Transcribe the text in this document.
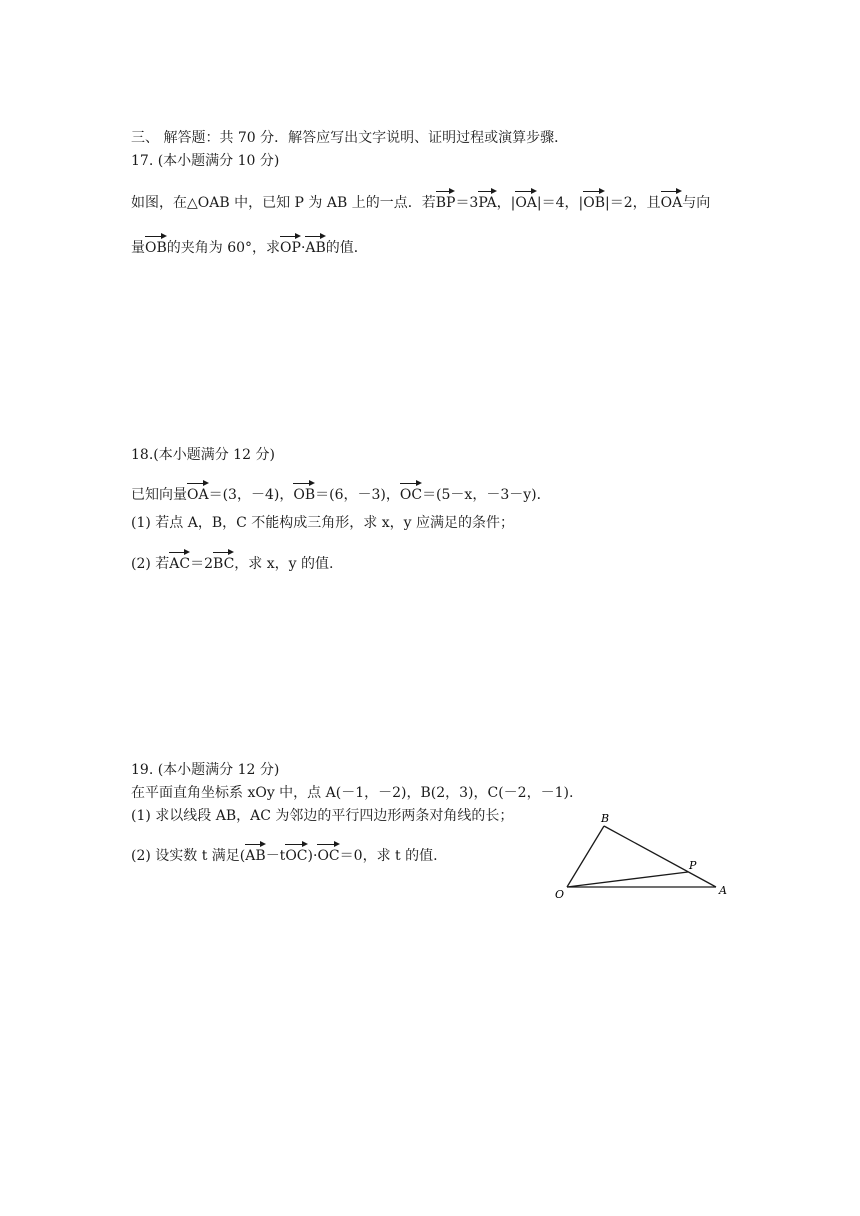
三、 解答题：共 70 分．解答应写出文字说明、证明过程或演算步骤．
17. (本小题满分 10 分)
如图，在△OAB 中，已知 P 为 AB 上的一点．若BP＝3PA，|OA|＝4，|OB|＝2，且OA与向
量OB的夹角为 60°，求OP·AB的值．
18.(本小题满分 12 分)
已知向量OA＝(3，－4)，OB＝(6，－3)，OC＝(5－x，－3－y)．
(1) 若点 A，B，C 不能构成三角形，求 x，y 应满足的条件；
(2) 若AC＝2BC，求 x，y 的值.
19. (本小题满分 12 分)
在平面直角坐标系 xOy 中，点 A(－1，－2)，B(2，3)，C(－2，－1).
(1) 求以线段 AB，AC 为邻边的平行四边形两条对角线的长；
(2) 设实数 t 满足(AB－tOC)·OC＝0，求 t 的值.
O	A
B
P
